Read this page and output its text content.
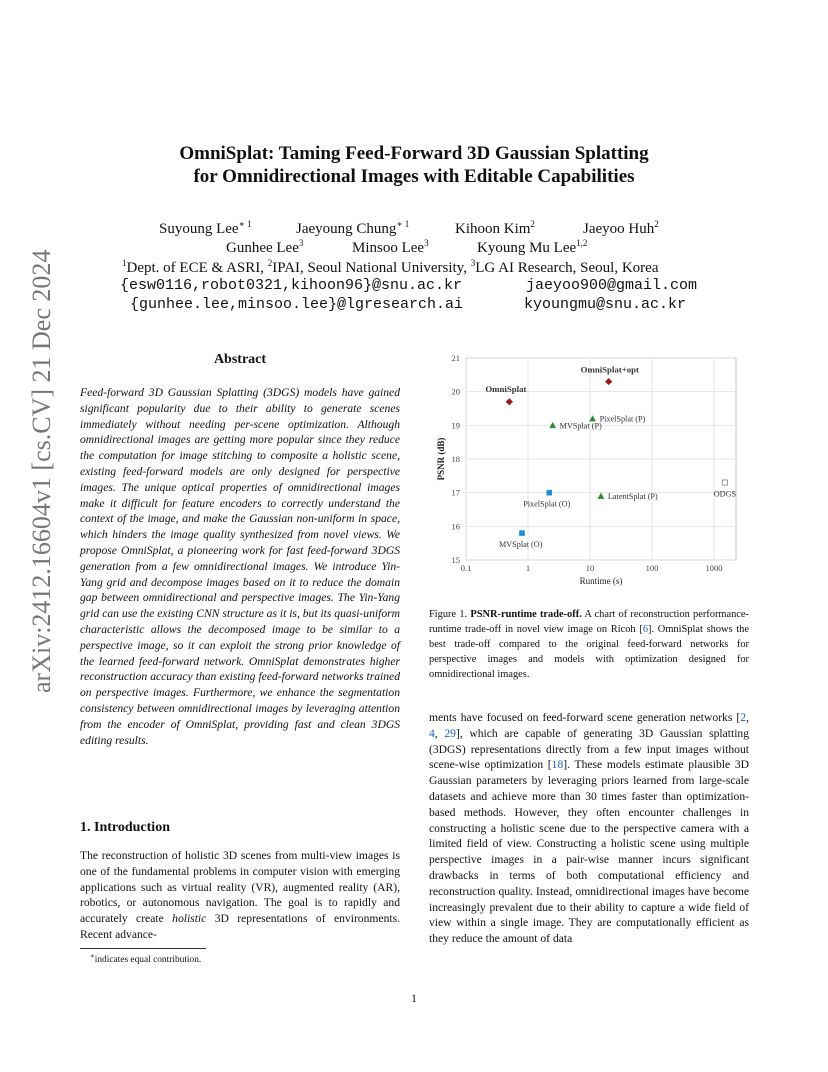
arXiv:2412.16604v1 [cs.CV] 21 Dec 2024
OmniSplat: Taming Feed-Forward 3D Gaussian Splatting
for Omnidirectional Images with Editable Capabilities
Suyoung Lee$^{∗ 1}$	Jaeyoung Chung$^{∗ 1}$	Kihoon Kim$^2$	Jaeyoo Huh$^2$
Gunhee Lee$^3$	Minsoo Lee$^3$	Kyoung Mu Lee$^{1,2}$
$^1$Dept. of ECE & ASRI, $^2$IPAI, Seoul National University, $^3$LG AI Research, Seoul, Korea
{esw0116,robot0321,kihoon96}@snu.ac.kr	jaeyoo900@gmail.com
{gunhee.lee,minsoo.lee}@lgresearch.ai	kyoungmu@snu.ac.kr
Abstract
Feed-forward 3D Gaussian Splatting (3DGS) models have gained significant popularity due to their ability to generate scenes immediately without needing per-scene optimization. Although omnidirectional images are getting more popular since they reduce the computation for image stitching to composite a holistic scene, existing feed-forward models are only designed for perspective images. The unique optical properties of omnidirectional images make it difficult for feature encoders to correctly understand the context of the image, and make the Gaussian non-uniform in space, which hinders the image quality synthesized from novel views. We propose OmniSplat, a pioneering work for fast feed-forward 3DGS generation from a few omnidirectional images. We introduce Yin-Yang grid and decompose images based on it to reduce the domain gap between omnidirectional and perspective images. The Yin-Yang grid can use the existing CNN structure as it is, but its quasi-uniform characteristic allows the decomposed image to be similar to a perspective image, so it can exploit the strong prior knowledge of the learned feed-forward network. OmniSplat demonstrates higher reconstruction accuracy than existing feed-forward networks trained on perspective images. Furthermore, we enhance the segmentation consistency between omnidirectional images by leveraging attention from the encoder of OmniSplat, providing fast and clean 3DGS editing results.
1. Introduction
The reconstruction of holistic 3D scenes from multi-view images is one of the fundamental problems in computer vision with emerging applications such as virtual reality (VR), augmented reality (AR), robotics, or autonomous navigation. The goal is to rapidly and accurately create holistic 3D representations of environments. Recent advance-
∗indicates equal contribution.
1
15
16
17
18
19
20
21
0.1	1	10	100	1000
Runtime (s)
PSNR (dB)
OmniSplat
OmniSplat+opt
PixelSplat (P)
MVSplat (P)
LatentSplat (P)
PixelSplat (O)
MVSplat (O)
ODGS
Figure 1. PSNR-runtime trade-off. A chart of reconstruction performance-runtime trade-off in novel view image on Ricoh [6]. OmniSplat shows the best trade-off compared to the original feed-forward networks for perspective images and models with optimization designed for omnidirectional images.
ments have focused on feed-forward scene generation networks [2, 4, 29], which are capable of generating 3D Gaussian splatting (3DGS) representations directly from a few input images without scene-wise optimization [18]. These models estimate plausible 3D Gaussian parameters by leveraging priors learned from large-scale datasets and achieve more than 30 times faster than optimization-based methods. However, they often encounter challenges in constructing a holistic scene due to the perspective camera with a limited field of view. Constructing a holistic scene using multiple perspective images in a pair-wise manner incurs significant drawbacks in terms of both computational efficiency and reconstruction quality. Instead, omnidirectional images have become increasingly prevalent due to their ability to capture a wide field of view within a single image. They are computationally efficient as they reduce the amount of data
